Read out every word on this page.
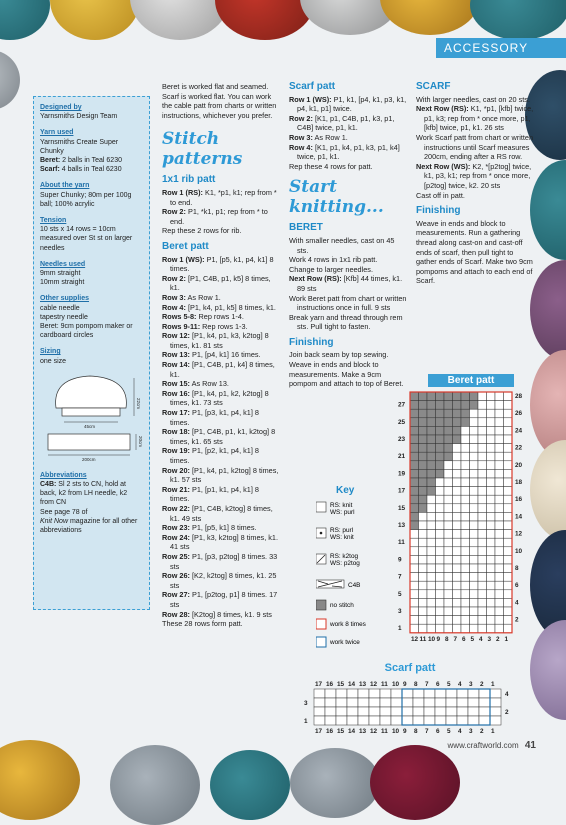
ACCESSORY
Designed by
Yarnsmiths Design Team
Yarn used
Yarnsmiths Create Super Chunky
Beret: 2 balls in Teal 6230
Scarf: 4 balls in Teal 6230
About the yarn
Super Chunky; 80m per 100g ball; 100% acrylic
Tension
10 sts x 14 rows = 10cm measured over St st on larger needles
Needles used
9mm straight
10mm straight
Other supplies
cable needle
tapestry needle
Beret: 9cm pompom maker or cardboard circles
Sizing
one size
22cm
45cm
20cm
200cm
Abbreviations
C4B: Sl 2 sts to CN, hold at back, k2 from LH needle, k2 from CN
See page 78 of
Knit Now magazine for all other abbreviations

Beret is worked flat and seamed. Scarf is worked flat. You can work the cable patt from charts or written instructions, whichever you prefer.

Stitch patterns
1x1 rib patt
Row 1 (RS): K1, *p1, k1; rep from * to end.
Row 2: P1, *k1, p1; rep from * to end.
Rep these 2 rows for rib.
Beret patt
Row 1 (WS): P1, [p5, k1, p4, k1] 8 times.
Row 2: [P1, C4B, p1, k5] 8 times, k1.
Row 3: As Row 1.
Row 4: [P1, k4, p1, k5] 8 times, k1.
Rows 5-8: Rep rows 1-4.
Rows 9-11: Rep rows 1-3.
Row 12: [P1, k4, p1, k3, k2tog] 8 times, k1. 81 sts
Row 13: P1, [p4, k1] 16 times.
Row 14: [P1, C4B, p1, k4] 8 times, k1.
Row 15: As Row 13.
Row 16: [P1, k4, p1, k2, k2tog] 8 times, k1. 73 sts
Row 17: P1, [p3, k1, p4, k1] 8 times.
Row 18: [P1, C4B, p1, k1, k2tog] 8 times, k1. 65 sts
Row 19: P1, [p2, k1, p4, k1] 8 times.
Row 20: [P1, k4, p1, k2tog] 8 times, k1. 57 sts
Row 21: P1, [p1, k1, p4, k1] 8 times.
Row 22: [P1, C4B, k2tog] 8 times, k1. 49 sts
Row 23: P1, [p5, k1] 8 times.
Row 24: [P1, k3, k2tog] 8 times, k1. 41 sts
Row 25: P1, [p3, p2tog] 8 times. 33 sts
Row 26: [K2, k2tog] 8 times, k1. 25 sts
Row 27: P1, [p2tog, p1] 8 times. 17 sts
Row 28: [K2tog] 8 times, k1. 9 sts
These 28 rows form patt.
Scarf patt
Row 1 (WS): P1, k1, [p4, k1, p3, k1, p4, k1, p1] twice.
Row 2: [K1, p1, C4B, p1, k3, p1, C4B] twice, p1, k1.
Row 3: As Row 1.
Row 4: [K1, p1, k4, p1, k3, p1, k4] twice, p1, k1.
Rep these 4 rows for patt.
Start knitting...
BERET
With smaller needles, cast on 45 sts.
Work 4 rows in 1x1 rib patt.
Change to larger needles.
Next Row (RS): [Kfb] 44 times, k1. 89 sts
Work Beret patt from chart or written instructions once in full. 9 sts
Break yarn and thread through rem sts. Pull tight to fasten.
Finishing

Join back seam by top sewing. Weave in ends and block to measurements. Make a 9cm pompom and attach to top of Beret.

SCARF
With larger needles, cast on 20 sts.
Next Row (RS): K1, *p1, [kfb] twice, p1, k3; rep from * once more, p1, [kfb] twice, p1, k1. 26 sts
Work Scarf patt from chart or written instructions until Scarf measures 200cm, ending after a RS row.
Next Row (WS): K2, *[p2tog] twice, k1, p3, k1; rep from * once more, [p2tog] twice, k2. 20 sts
Cast off in patt.
Finishing

Weave in ends and block to measurements. Run a gathering thread along cast-on and cast-off ends of scarf, then pull tight to gather ends of Scarf. Make two 9cm pompoms and attach to each end of Scarf.

Key
RS: knit
WS: purl
RS: purl
WS: knit
RS: k2tog
WS: p2tog
C4B
no stitch
work 8 times
work twice
Beret patt
27
25
23
21
19
17
15
13
11
9
7
5
3
1
28
26
24
22
20
18
16
14
12
10
8
6
4
2
12 11 10 9 8 7 6 5 4 3 2 1
Scarf patt
17
17
16
16
15
15
14
14
13
13
12
12
11
11
10
10
9
9
8
8
7
7
6
6
5
5
4
4
3
3
2
2
1
1
3
1
4
2
www.craftworld.com 41
